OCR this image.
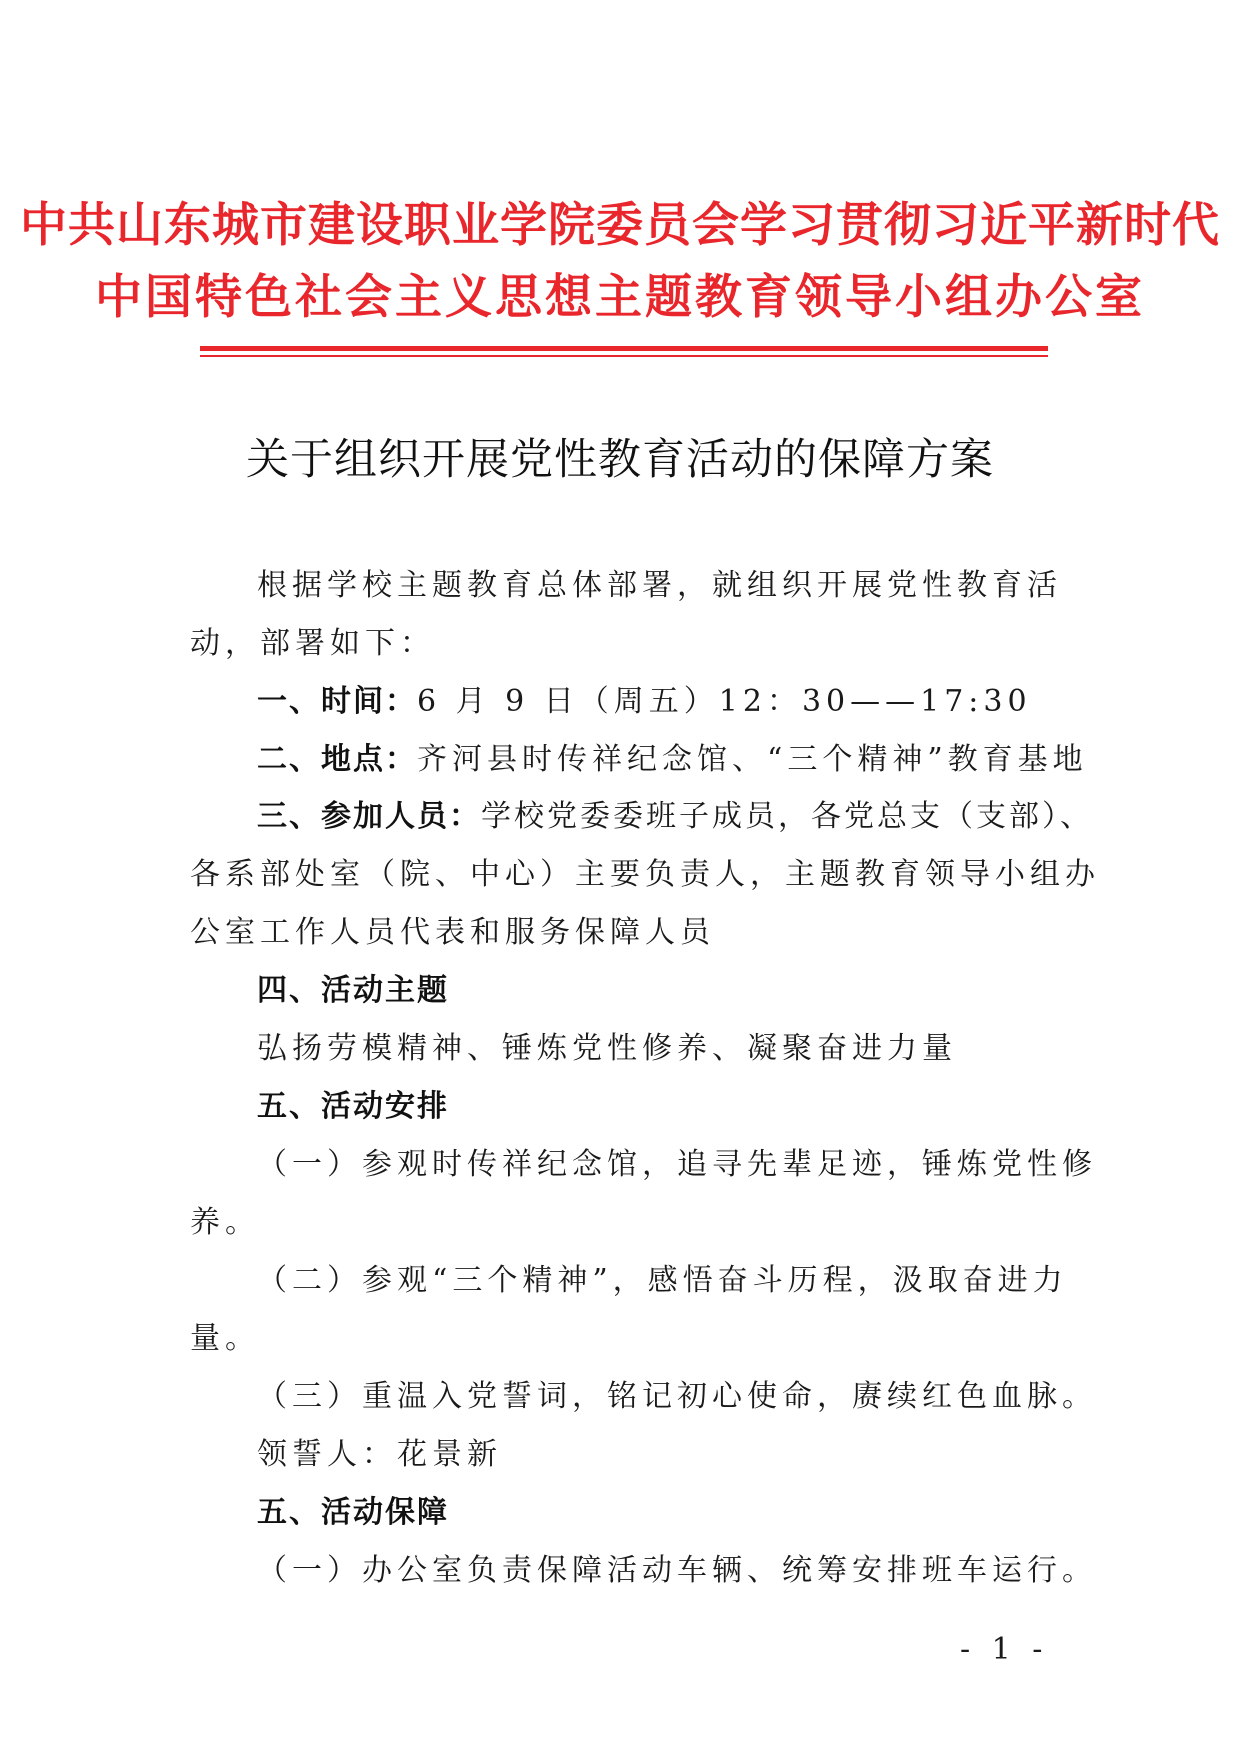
中共山东城市建设职业学院委员会学习贯彻习近平新时代
中国特色社会主义思想主题教育领导小组办公室
关于组织开展党性教育活动的保障方案
根据学校主题教育总体部署，就组织开展党性教育活
动，部署如下：
一、时间：6 月 9 日（周五）12：30——17:30
二、地点：齐河县时传祥纪念馆、“三个精神”教育基地
三、参加人员：学校党委委班子成员，各党总支（支部）、
各系部处室（院、中心）主要负责人，主题教育领导小组办
公室工作人员代表和服务保障人员
四、活动主题
弘扬劳模精神、锤炼党性修养、凝聚奋进力量
五、活动安排
（一）参观时传祥纪念馆，追寻先辈足迹，锤炼党性修
养。
（二）参观“三个精神”，感悟奋斗历程，汲取奋进力
量。
（三）重温入党誓词，铭记初心使命，赓续红色血脉。
领誓人：花景新
五、活动保障
（一）办公室负责保障活动车辆、统筹安排班车运行。
- 1 -
